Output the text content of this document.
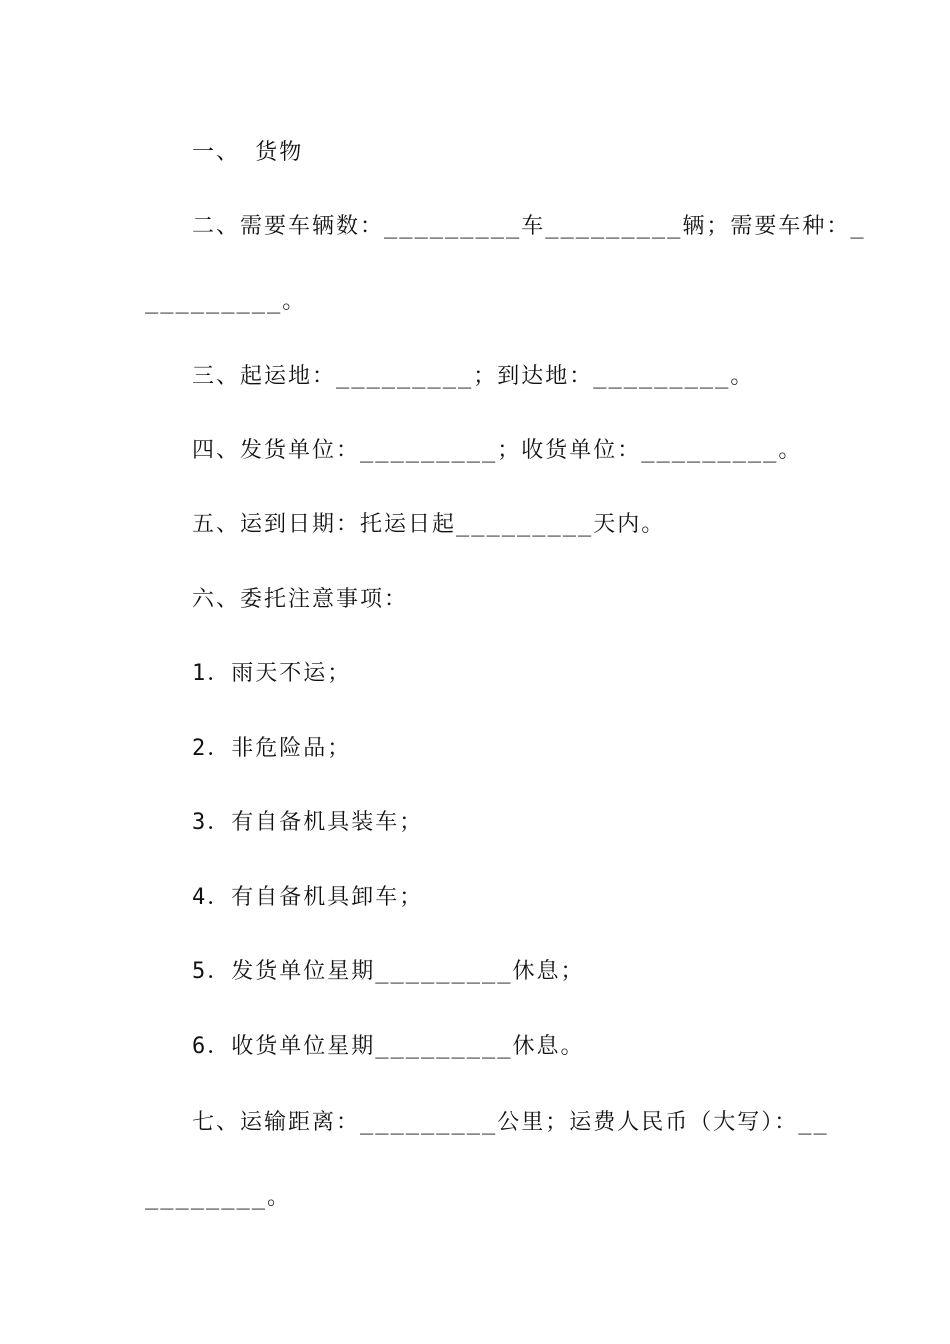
一、 货物
二、需要车辆数：_________车_________辆；需要车种：_
_________。
三、起运地：_________；到达地：_________。
四、发货单位：_________；收货单位：_________。
五、运到日期：托运日起_________天内。
六、委托注意事项：
1．雨天不运；
2．非危险品；
3．有自备机具装车；
4．有自备机具卸车；
5．发货单位星期_________休息；
6．收货单位星期_________休息。
七、运输距离：_________公里；运费人民币（大写）：__
________。
